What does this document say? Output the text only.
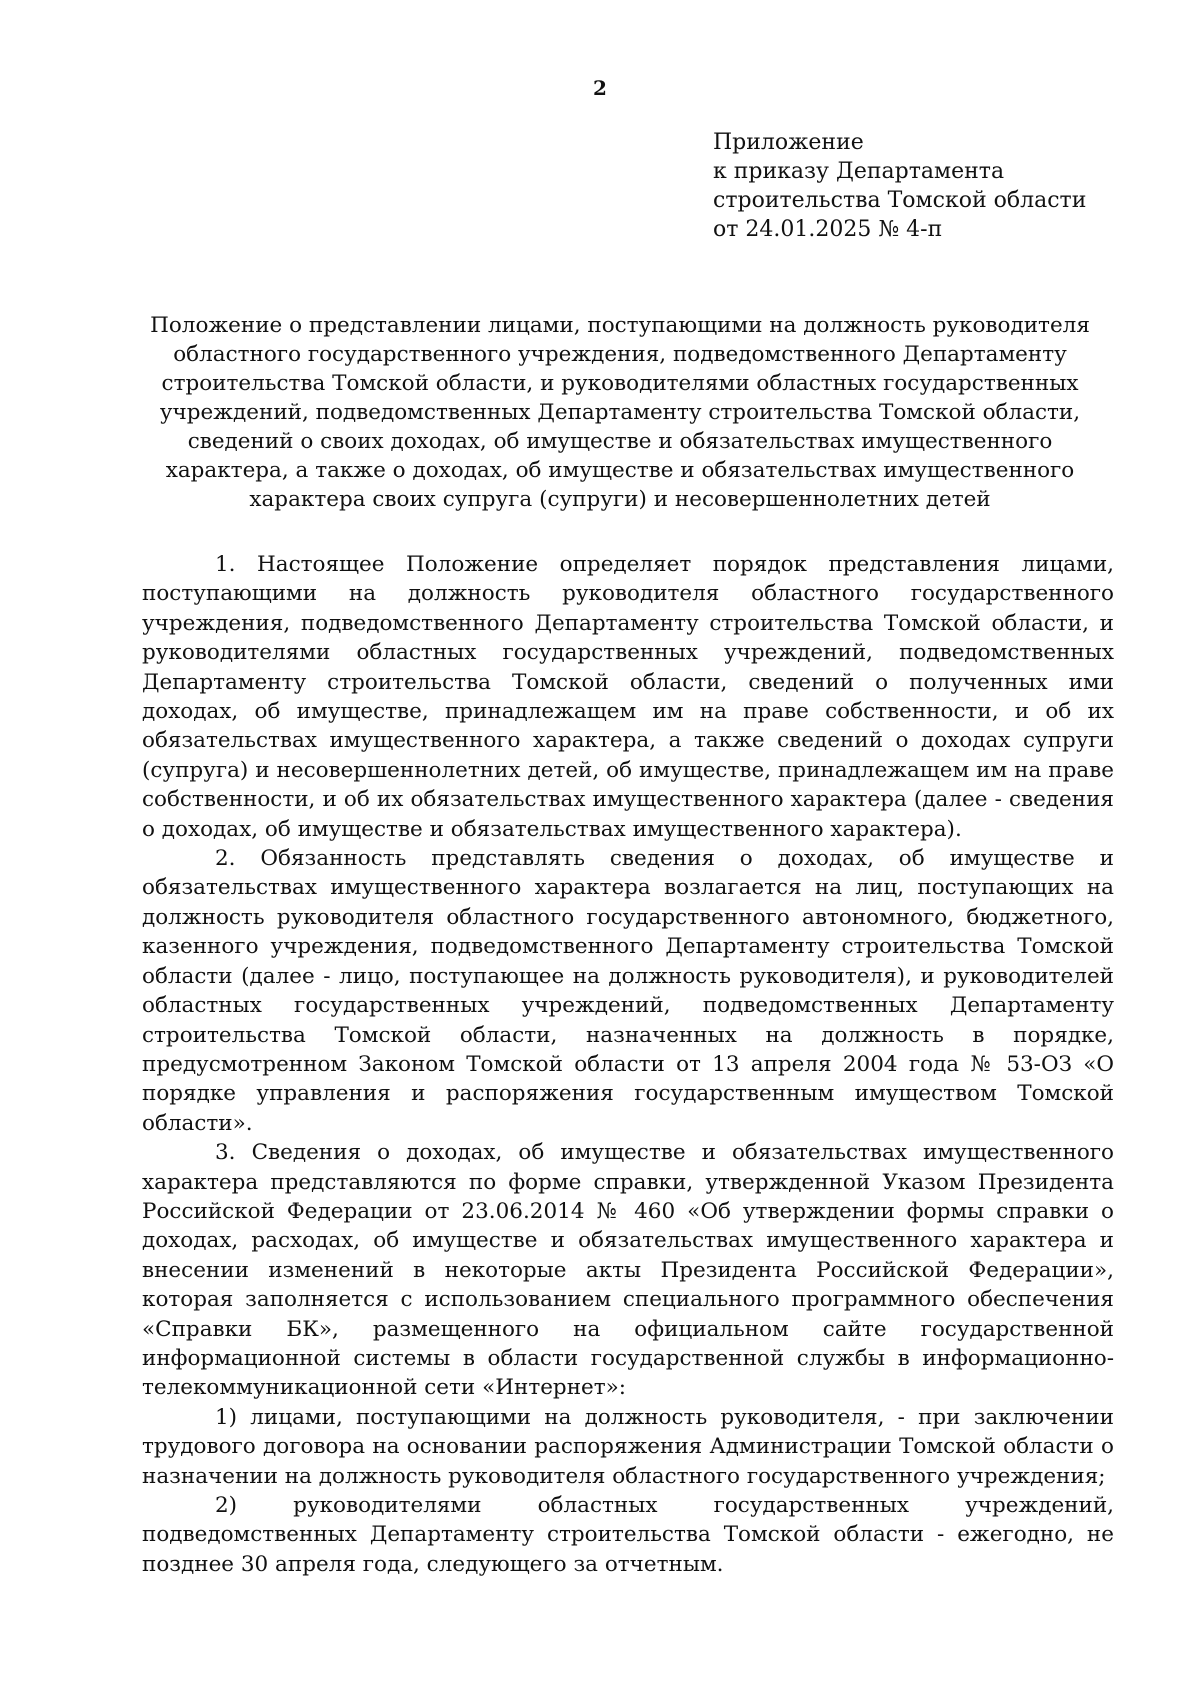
2
Приложение
к приказу Департамента
строительства Томской области
от 24.01.2025 № 4-п
Положение о представлении лицами, поступающими на должность руководителя
областного государственного учреждения, подведомственного Департаменту
строительства Томской области, и руководителями областных государственных
учреждений, подведомственных Департаменту строительства Томской области,
сведений о своих доходах, об имуществе и обязательствах имущественного
характера, а также о доходах, об имуществе и обязательствах имущественного
характера своих супруга (супруги) и несовершеннолетних детей

1. Настоящее Положение определяет порядок представления лицами, поступающими на должность руководителя областного государственного учреждения, подведомственного Департаменту строительства Томской области, и руководителями областных государственных учреждений, подведомственных Департаменту строительства Томской области, сведений о полученных ими доходах, об имуществе, принадлежащем им на праве собственности, и об их обязательствах имущественного характера, а также сведений о доходах супруги (супруга) и несовершеннолетних детей, об имуществе, принадлежащем им на праве собственности, и об их обязательствах имущественного характера (далее - сведения о доходах, об имуществе и обязательствах имущественного характера).

2. Обязанность представлять сведения о доходах, об имуществе и обязательствах имущественного характера возлагается на лиц, поступающих на должность руководителя областного государственного автономного, бюджетного, казенного учреждения, подведомственного Департаменту строительства Томской области (далее - лицо, поступающее на должность руководителя), и руководителей областных государственных учреждений, подведомственных Департаменту строительства Томской области, назначенных на должность в порядке, предусмотренном Законом Томской области от 13 апреля 2004 года № 53-ОЗ «О порядке управления и распоряжения государственным имуществом Томской области».

3. Сведения о доходах, об имуществе и обязательствах имущественного характера представляются по форме справки, утвержденной Указом Президента Российской Федерации от 23.06.2014 № 460 «Об утверждении формы справки о доходах, расходах, об имуществе и обязательствах имущественного характера и внесении изменений в некоторые акты Президента Российской Федерации», которая заполняется с использованием специального программного обеспечения «Справки БК», размещенного на официальном сайте государственной информационной системы в области государственной службы в информационно-телекоммуникационной сети «Интернет»:

1) лицами, поступающими на должность руководителя, - при заключении трудового договора на основании распоряжения Администрации Томской области о назначении на должность руководителя областного государственного учреждения;

2) руководителями областных государственных учреждений, подведомственных Департаменту строительства Томской области - ежегодно, не позднее 30 апреля года, следующего за отчетным.
